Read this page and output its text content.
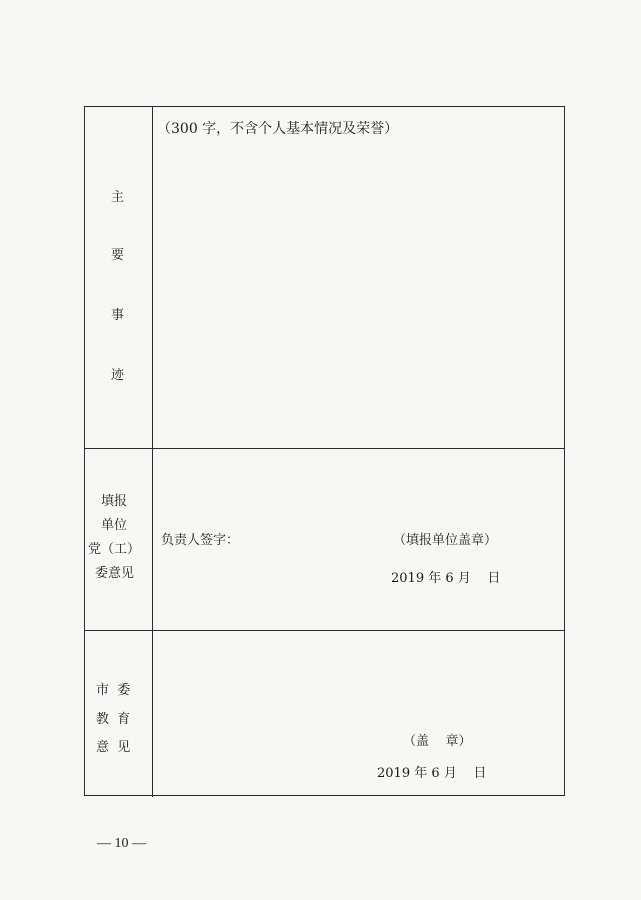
主
要
事
迹
（300 字，不含个人基本情况及荣誉）
填报
单位
党（工）
委意见
负责人签字：	（填报单位盖章）
2019 年 6 月 日
市  委
教  育
意  见	（盖    章）
2019 年 6 月 日
— 10 —
